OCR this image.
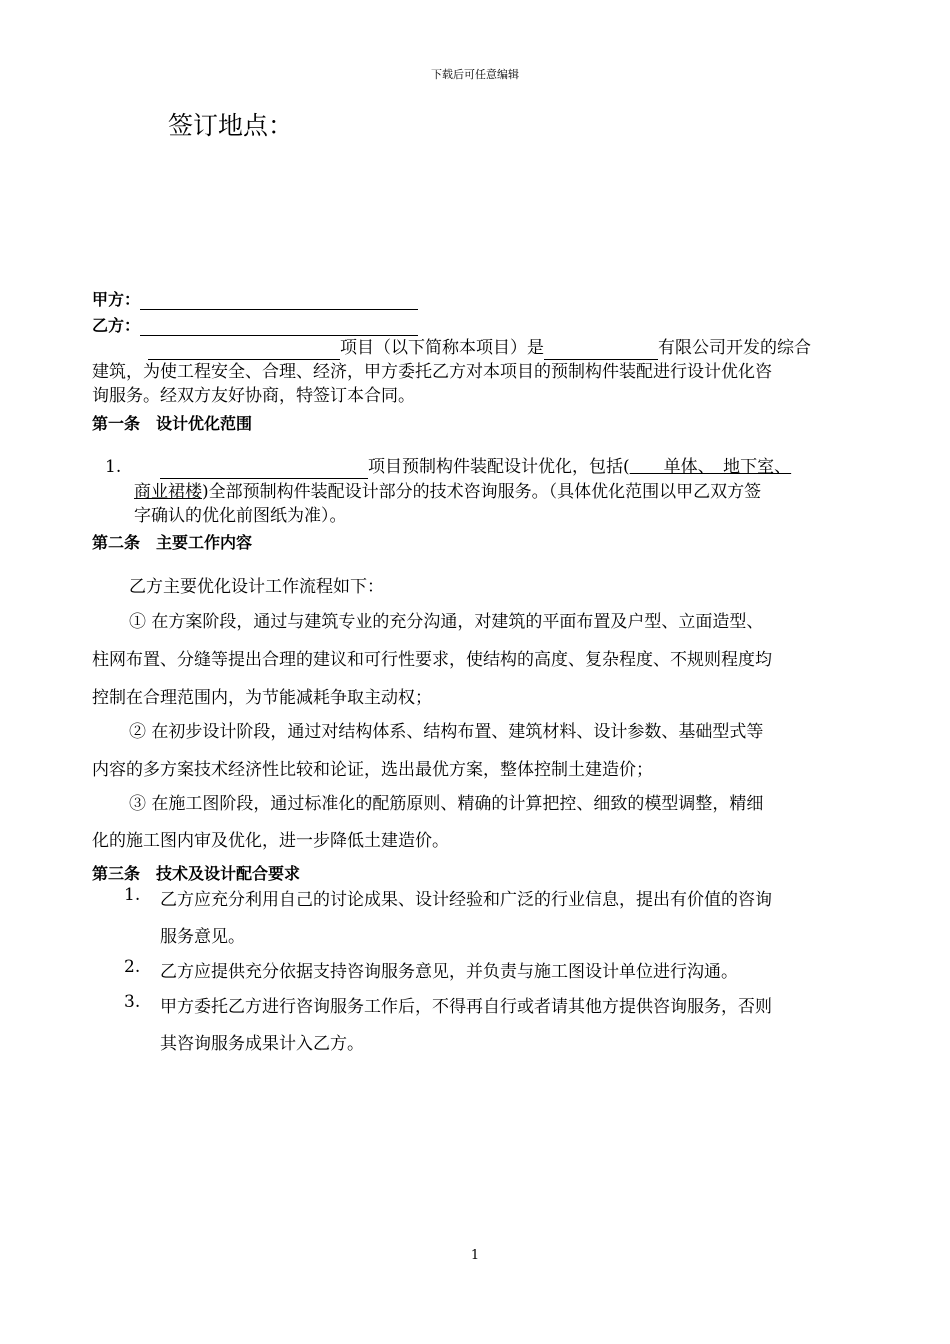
下载后可任意编辑
签订地点：
甲方：
乙方：
项目（以下简称本项目）是	有限公司开发的综合
建筑，为使工程安全、合理、经济，甲方委托乙方对本项目的预制构件装配进行设计优化咨
询服务。经双方友好协商，特签订本合同。
第一条　设计优化范围
1.	项目预制构件装配设计优化，包括(　　单体、　地下室、
商业裙楼)全部预制构件装配设计部分的技术咨询服务。（具体优化范围以甲乙双方签
字确认的优化前图纸为准）。
第二条　主要工作内容
乙方主要优化设计工作流程如下：
① 在方案阶段，通过与建筑专业的充分沟通，对建筑的平面布置及户型、立面造型、
柱网布置、分缝等提出合理的建议和可行性要求，使结构的高度、复杂程度、不规则程度均
控制在合理范围内，为节能减耗争取主动权；
② 在初步设计阶段，通过对结构体系、结构布置、建筑材料、设计参数、基础型式等
内容的多方案技术经济性比较和论证，选出最优方案，整体控制土建造价；
③ 在施工图阶段，通过标准化的配筋原则、精确的计算把控、细致的模型调整，精细
化的施工图内审及优化，进一步降低土建造价。
第三条　技术及设计配合要求
1. 乙方应充分利用自己的讨论成果、设计经验和广泛的行业信息，提出有价值的咨询
服务意见。
2. 乙方应提供充分依据支持咨询服务意见，并负责与施工图设计单位进行沟通。
3. 甲方委托乙方进行咨询服务工作后，不得再自行或者请其他方提供咨询服务，否则
其咨询服务成果计入乙方。
1
